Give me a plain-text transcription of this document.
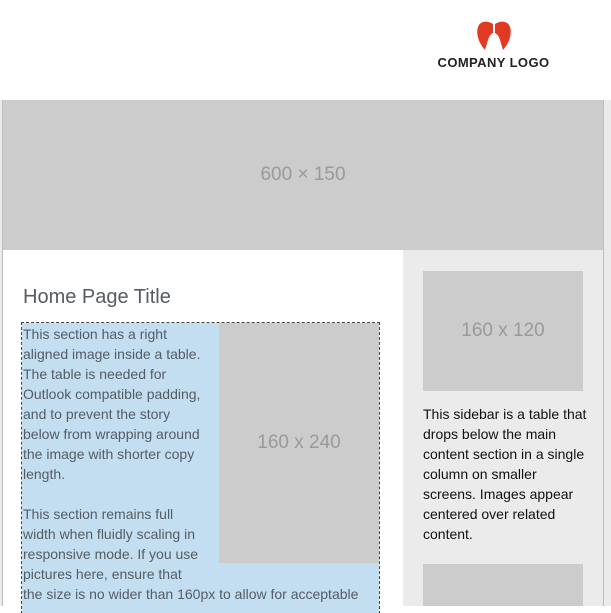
COMPANY LOGO
600 × 150
Home Page Title
160 x 240

This section has a right aligned image inside a table. The table is needed for Outlook compatible padding, and to prevent the story below from wrapping around the image with shorter copy length.

This section remains full width when fluidly scaling in responsive mode. If you use pictures here, ensure that
the size is no wider than 160px to allow for acceptable

160 x 120
This sidebar is a table that drops below the main content section in a single column on smaller screens. Images appear centered over related content.
